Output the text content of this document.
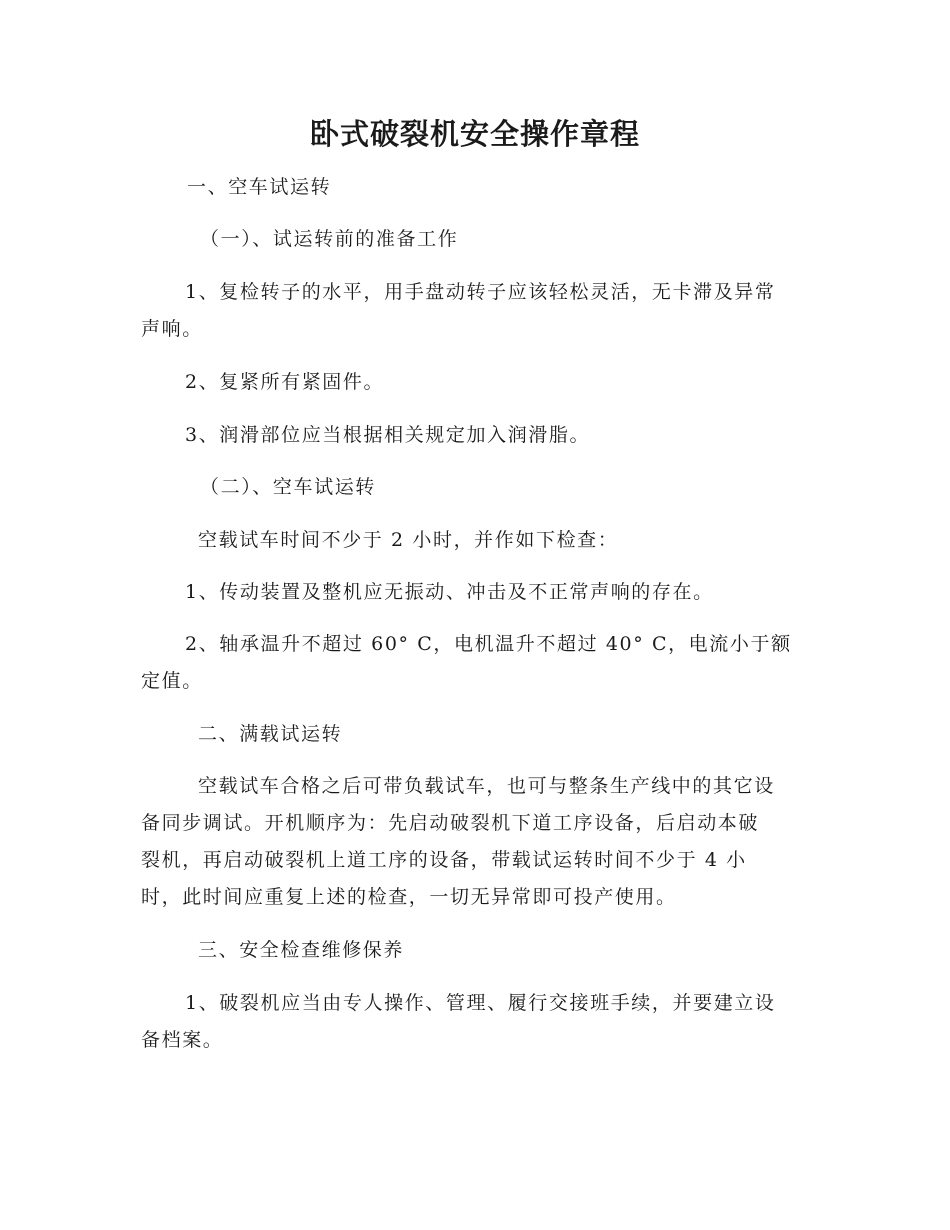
卧式破裂机安全操作章程
一、空车试运转
（一）、试运转前的准备工作
1、复检转子的水平，用手盘动转子应该轻松灵活，无卡滞及异常
声响。
2、复紧所有紧固件。
3、润滑部位应当根据相关规定加入润滑脂。
（二）、空车试运转
空载试车时间不少于 2 小时，并作如下检查：
1、传动装置及整机应无振动、冲击及不正常声响的存在。
2、轴承温升不超过 60° C，电机温升不超过 40° C，电流小于额
定值。
二、满载试运转
空载试车合格之后可带负载试车，也可与整条生产线中的其它设
备同步调试。开机顺序为：先启动破裂机下道工序设备，后启动本破
裂机，再启动破裂机上道工序的设备，带载试运转时间不少于 4 小
时，此时间应重复上述的检查，一切无异常即可投产使用。
三、安全检查维修保养
1、破裂机应当由专人操作、管理、履行交接班手续，并要建立设
备档案。
